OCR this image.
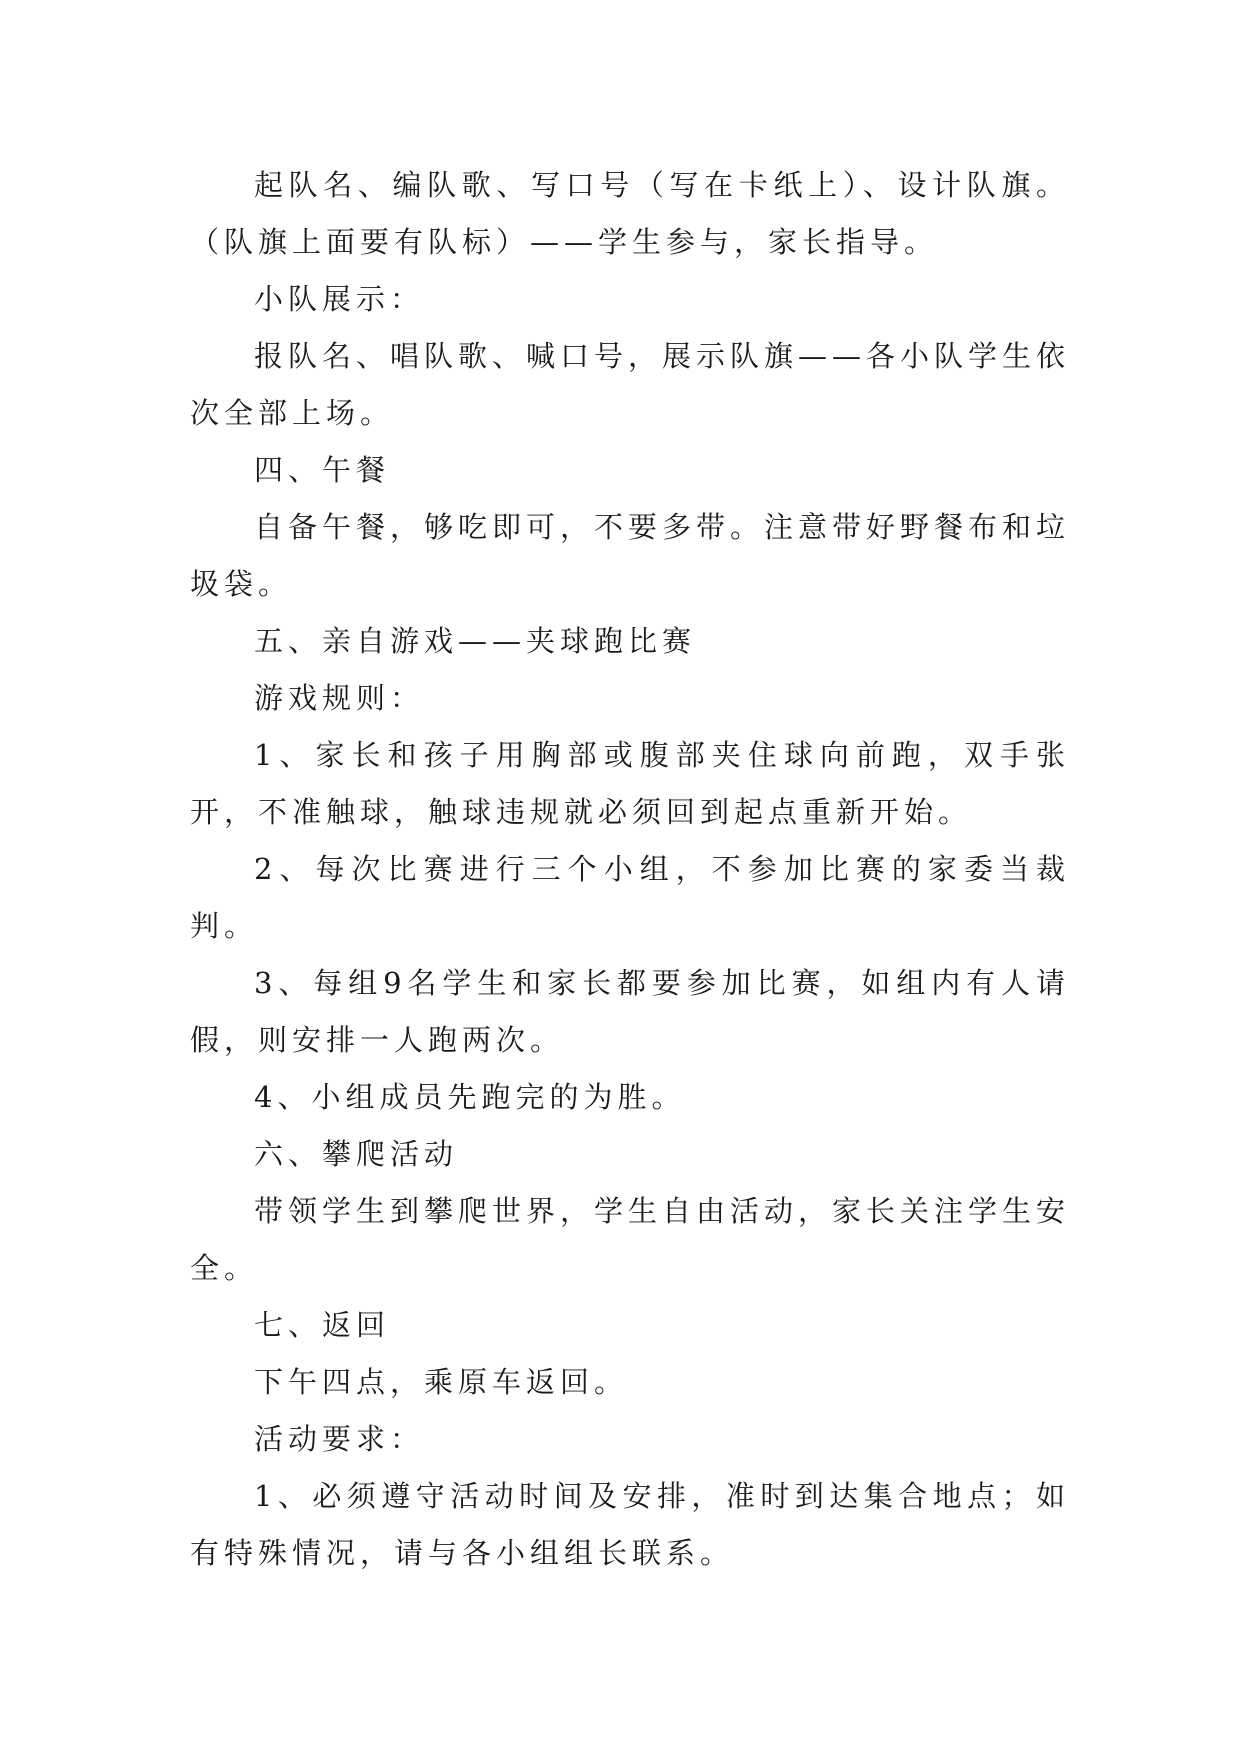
起队名、编队歌、写口号（写在卡纸上）、设计队旗。（队旗上面要有队标）——学生参与，家长指导。

小队展示：

报队名、唱队歌、喊口号，展示队旗——各小队学生依次全部上场。

四、午餐

自备午餐，够吃即可，不要多带。注意带好野餐布和垃圾袋。

五、亲自游戏——夹球跑比赛

游戏规则：

1、家长和孩子用胸部或腹部夹住球向前跑，双手张开，不准触球，触球违规就必须回到起点重新开始。

2、每次比赛进行三个小组，不参加比赛的家委当裁判。

3、每组9名学生和家长都要参加比赛，如组内有人请假，则安排一人跑两次。

4、小组成员先跑完的为胜。

六、攀爬活动

带领学生到攀爬世界，学生自由活动，家长关注学生安全。

七、返回

下午四点，乘原车返回。

活动要求：

1、必须遵守活动时间及安排，准时到达集合地点；如有特殊情况，请与各小组组长联系。
